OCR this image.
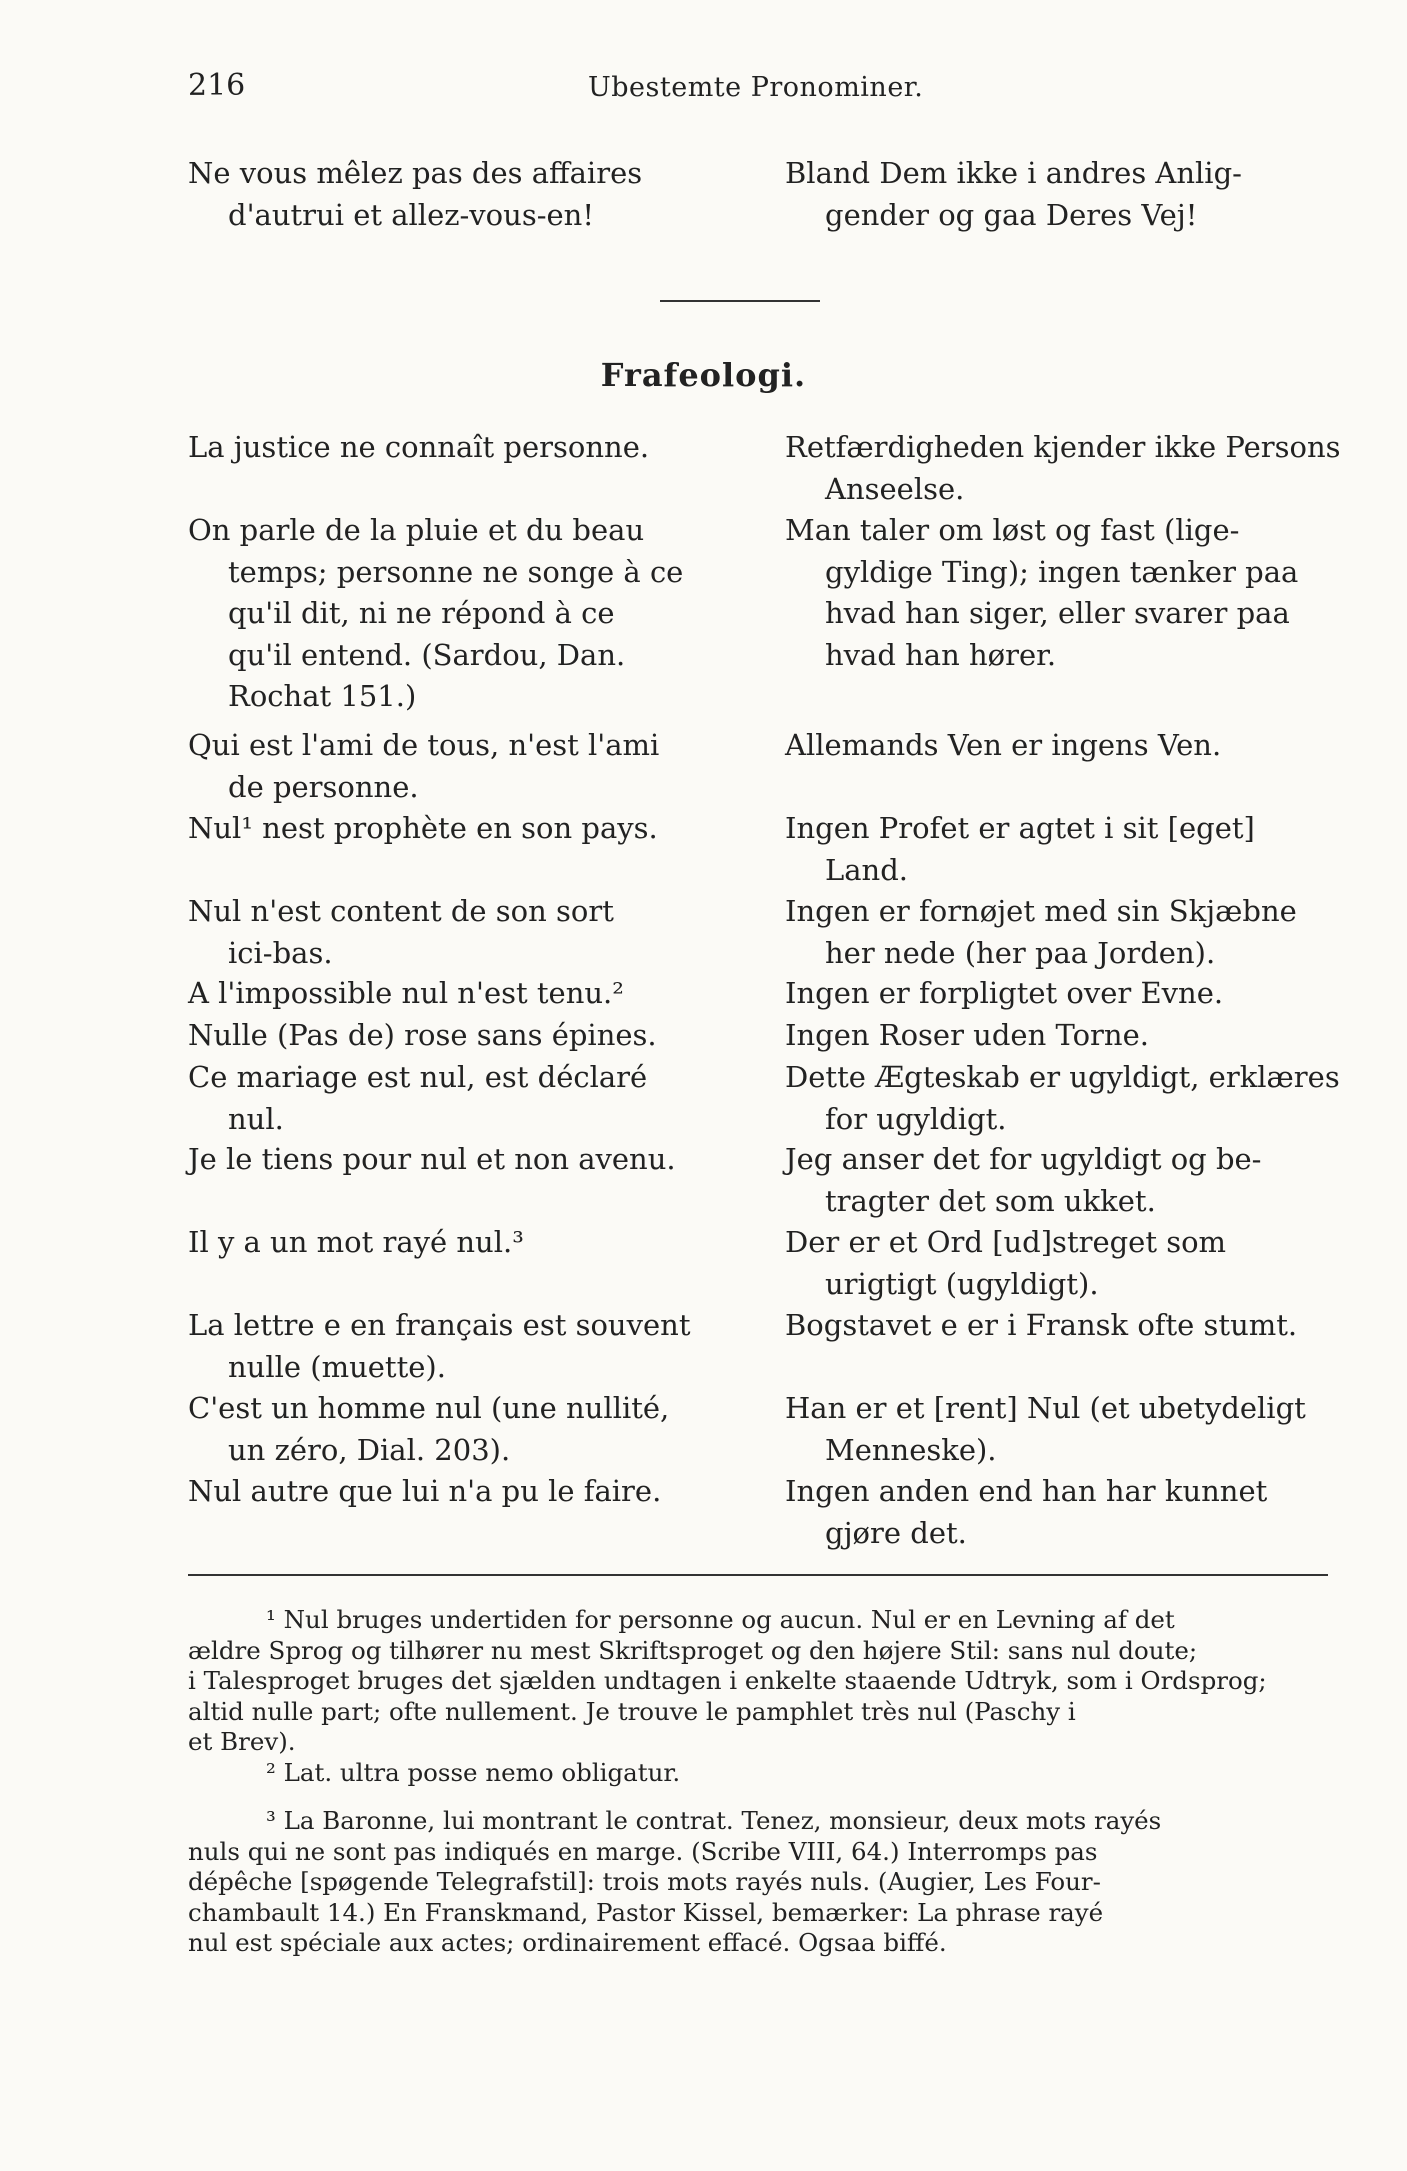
216	Ubestemte Pronominer.
Ne vous mêlez pas des affaires
d'autrui et allez-vous-en!
Bland Dem ikke i andres Anlig-
gender og gaa Deres Vej!
Frafeologi.
La justice ne connaît personne.
On parle de la pluie et du beau
temps; personne ne songe à ce
qu'il dit, ni ne répond à ce
qu'il entend. (Sardou, Dan.
Rochat 151.)
Qui est l'ami de tous, n'est l'ami
de personne.
Nul¹ nest prophète en son pays.
Nul n'est content de son sort
ici-bas.
A l'impossible nul n'est tenu.²
Nulle (Pas de) rose sans épines.
Ce mariage est nul, est déclaré
nul.
Je le tiens pour nul et non avenu.
Il y a un mot rayé nul.³
La lettre e en français est souvent
nulle (muette).
C'est un homme nul (une nullité,
un zéro, Dial. 203).
Nul autre que lui n'a pu le faire.
Retfærdigheden kjender ikke Persons
Anseelse.
Man taler om løst og fast (lige-
gyldige Ting); ingen tænker paa
hvad han siger, eller svarer paa
hvad han hører.
Allemands Ven er ingens Ven.
Ingen Profet er agtet i sit [eget]
Land.
Ingen er fornøjet med sin Skjæbne
her nede (her paa Jorden).
Ingen er forpligtet over Evne.
Ingen Roser uden Torne.
Dette Ægteskab er ugyldigt, erklæres
for ugyldigt.
Jeg anser det for ugyldigt og be-
tragter det som ukket.
Der er et Ord [ud]streget som
urigtigt (ugyldigt).
Bogstavet e er i Fransk ofte stumt.
Han er et [rent] Nul (et ubetydeligt
Menneske).
Ingen anden end han har kunnet
gjøre det.
¹ Nul bruges undertiden for personne og aucun. Nul er en Levning af det
ældre Sprog og tilhører nu mest Skriftsproget og den højere Stil: sans nul doute;
i Talesproget bruges det sjælden undtagen i enkelte staaende Udtryk, som i Ordsprog;
altid nulle part; ofte nullement. Je trouve le pamphlet très nul (Paschy i
et Brev).
² Lat. ultra posse nemo obligatur.
³ La Baronne, lui montrant le contrat. Tenez, monsieur, deux mots rayés
nuls qui ne sont pas indiqués en marge. (Scribe VIII, 64.) Interromps pas
dépêche [spøgende Telegrafstil]: trois mots rayés nuls. (Augier, Les Four-
chambault 14.) En Franskmand, Pastor Kissel, bemærker: La phrase rayé
nul est spéciale aux actes; ordinairement effacé. Ogsaa biffé.
